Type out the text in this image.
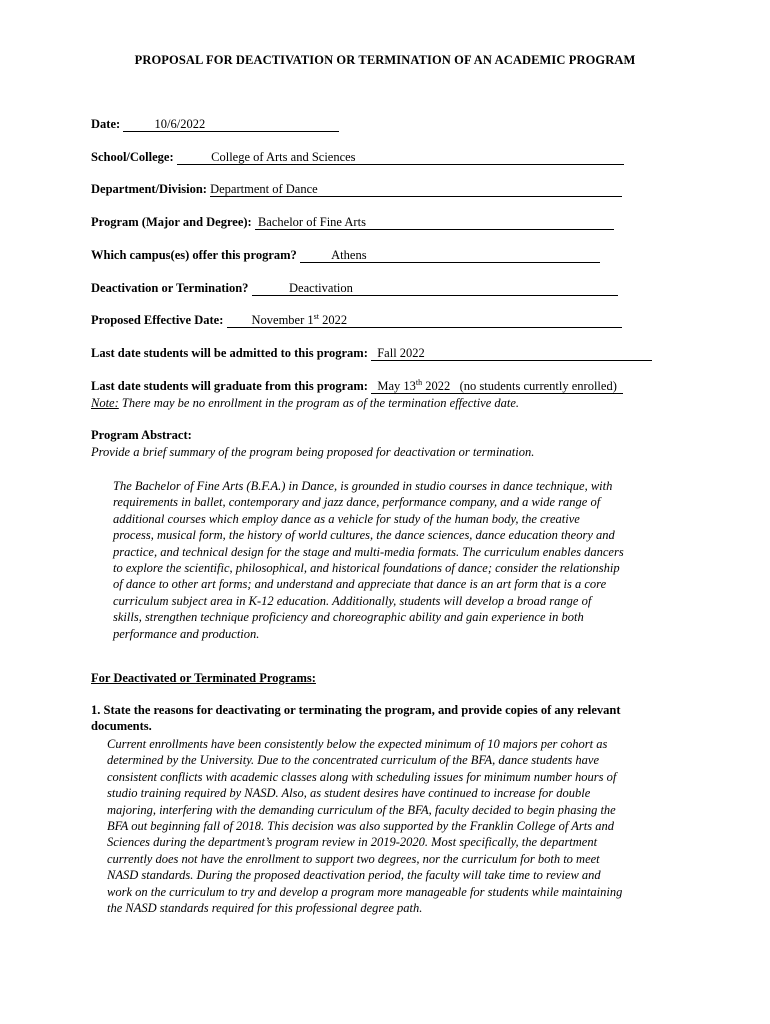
PROPOSAL FOR DEACTIVATION OR TERMINATION OF AN ACADEMIC PROGRAM
Date:	10/6/2022
School/College:	College of Arts and Sciences
Department/Division: Department of Dance
Program (Major and Degree): Bachelor of Fine Arts
Which campus(es) offer this program?	Athens
Deactivation or Termination?	Deactivation
Proposed Effective Date: November 1st 2022
Last date students will be admitted to this program: Fall 2022
Last date students will graduate from this program: May 13th 2022   (no students currently enrolled)
Note: There may be no enrollment in the program as of the termination effective date.
Program Abstract:
Provide a brief summary of the program being proposed for deactivation or termination.
The Bachelor of Fine Arts (B.F.A.) in Dance, is grounded in studio courses in dance technique, with
requirements in ballet, contemporary and jazz dance, performance company, and a wide range of
additional courses which employ dance as a vehicle for study of the human body, the creative
process, musical form, the history of world cultures, the dance sciences, dance education theory and
practice, and technical design for the stage and multi-media formats. The curriculum enables dancers
to explore the scientific, philosophical, and historical foundations of dance; consider the relationship
of dance to other art forms; and understand and appreciate that dance is an art form that is a core
curriculum subject area in K-12 education. Additionally, students will develop a broad range of
skills, strengthen technique proficiency and choreographic ability and gain experience in both
performance and production.
For Deactivated or Terminated Programs:
1. State the reasons for deactivating or terminating the program, and provide copies of any relevant
documents.
Current enrollments have been consistently below the expected minimum of 10 majors per cohort as
determined by the University. Due to the concentrated curriculum of the BFA, dance students have
consistent conflicts with academic classes along with scheduling issues for minimum number hours of
studio training required by NASD. Also, as student desires have continued to increase for double
majoring, interfering with the demanding curriculum of the BFA, faculty decided to begin phasing the
BFA out beginning fall of 2018. This decision was also supported by the Franklin College of Arts and
Sciences during the department’s program review in 2019-2020. Most specifically, the department
currently does not have the enrollment to support two degrees, nor the curriculum for both to meet
NASD standards. During the proposed deactivation period, the faculty will take time to review and
work on the curriculum to try and develop a program more manageable for students while maintaining
the NASD standards required for this professional degree path.
